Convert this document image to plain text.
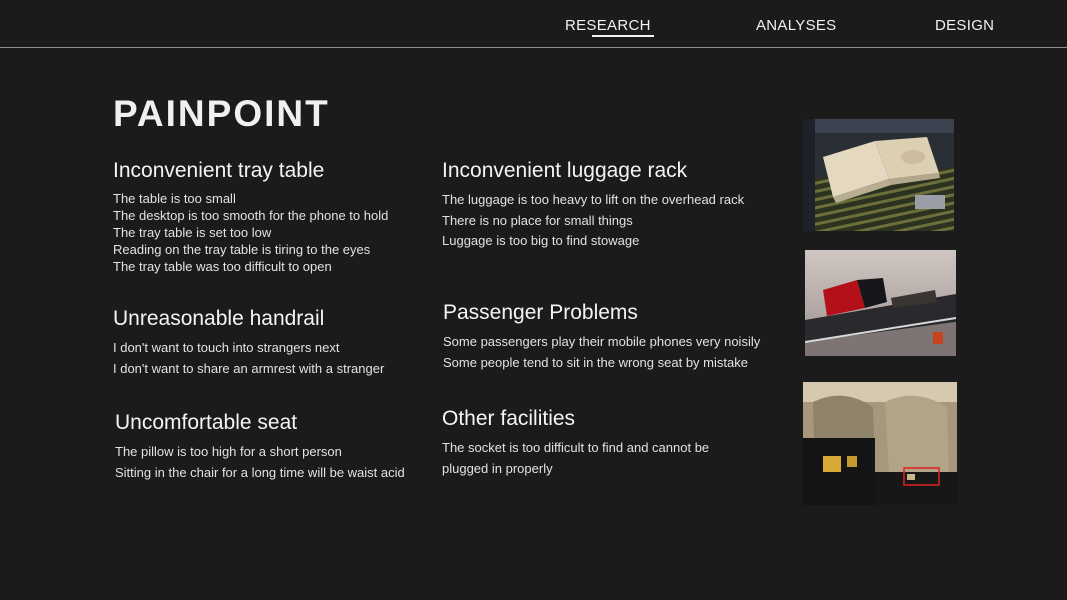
RESEARCH	ANALYSES	DESIGN
PAINPOINT
Inconvenient tray table
The table is too small
The desktop is too smooth for the phone to hold
The tray table is set too low
Reading on the tray table is tiring to the eyes
The tray table was too difficult to open
Unreasonable handrail
I don't want to touch into strangers next
I don't want to share an armrest with a stranger
Uncomfortable seat
The pillow is too high for a short person
Sitting in the chair for a long time will be waist acid
Inconvenient luggage rack
The luggage is too heavy to lift on the overhead rack
There is no place for small things
Luggage is too big to find stowage
Passenger Problems
Some passengers play their mobile phones very noisily
Some people tend to sit in the wrong seat by mistake
Other facilities
The socket is too difficult to find and cannot be
plugged in properly
